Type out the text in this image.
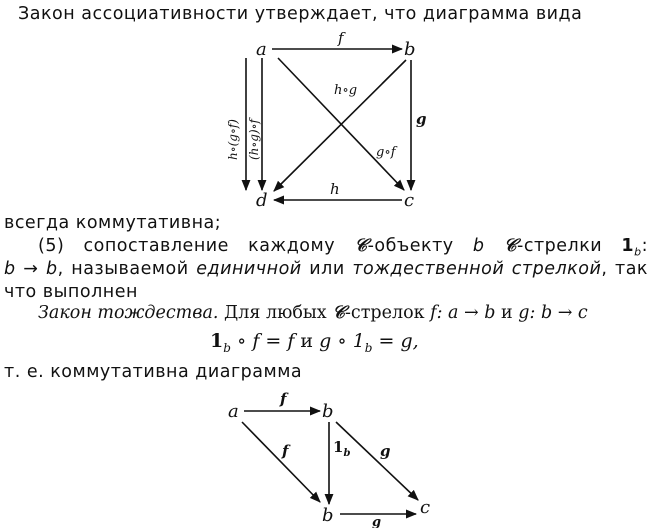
Закон ассоциативности утверждает, что диаграмма вида
a	b
d	c
f
g
h
h∘g
g∘f
h∘(g∘f) (h∘g)∘f
всегда коммутативна;
(5) сопоставление каждому 𝒞-объекту b 𝒞-стрелки $1_b$:
b → b, называемой единичной или тождественной стрелкой, так
что выполнен
Закон тождества. Для любых 𝒞-стрелок f: a → b и g: b → c
$1_b$ ∘ f = f и g ∘ $1_b = g$,
т. е. коммутативна диаграмма
a	b
b	c
f
f	$1_b$ g
g
